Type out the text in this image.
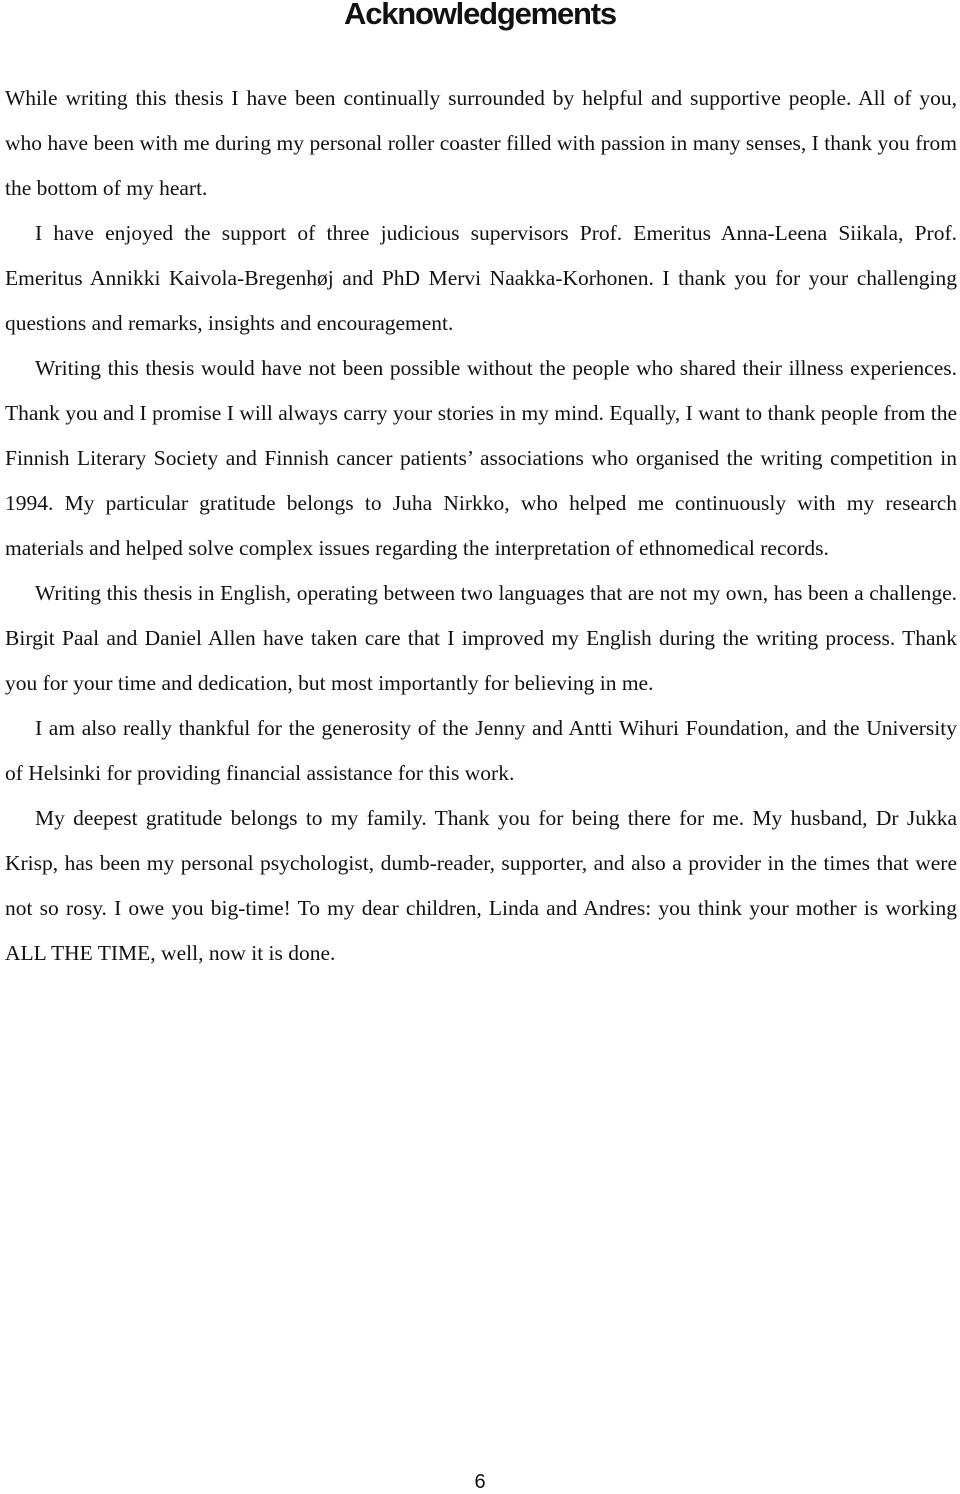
Acknowledgements

While writing this thesis I have been continually surrounded by helpful and supportive people. All of you, who have been with me during my personal roller coaster filled with passion in many senses, I thank you from the bottom of my heart.

I have enjoyed the support of three judicious supervisors Prof. Emeritus Anna-Leena Siikala, Prof. Emeritus Annikki Kaivola-Bregenhøj and PhD Mervi Naakka-Korhonen. I thank you for your challenging questions and remarks, insights and encouragement.

Writing this thesis would have not been possible without the people who shared their illness experiences. Thank you and I promise I will always carry your stories in my mind. Equally, I want to thank people from the Finnish Literary Society and Finnish cancer patients’ associations who organised the writing competition in 1994. My particular gratitude belongs to Juha Nirkko, who helped me continuously with my research materials and helped solve complex issues regarding the interpretation of ethnomedical records.

Writing this thesis in English, operating between two languages that are not my own, has been a challenge. Birgit Paal and Daniel Allen have taken care that I improved my English during the writing process. Thank you for your time and dedication, but most importantly for believing in me.

I am also really thankful for the generosity of the Jenny and Antti Wihuri Foundation, and the University of Helsinki for providing financial assistance for this work.

My deepest gratitude belongs to my family. Thank you for being there for me. My husband, Dr Jukka Krisp, has been my personal psychologist, dumb-reader, supporter, and also a provider in the times that were not so rosy. I owe you big-time! To my dear children, Linda and Andres: you think your mother is working ALL THE TIME, well, now it is done.

6
